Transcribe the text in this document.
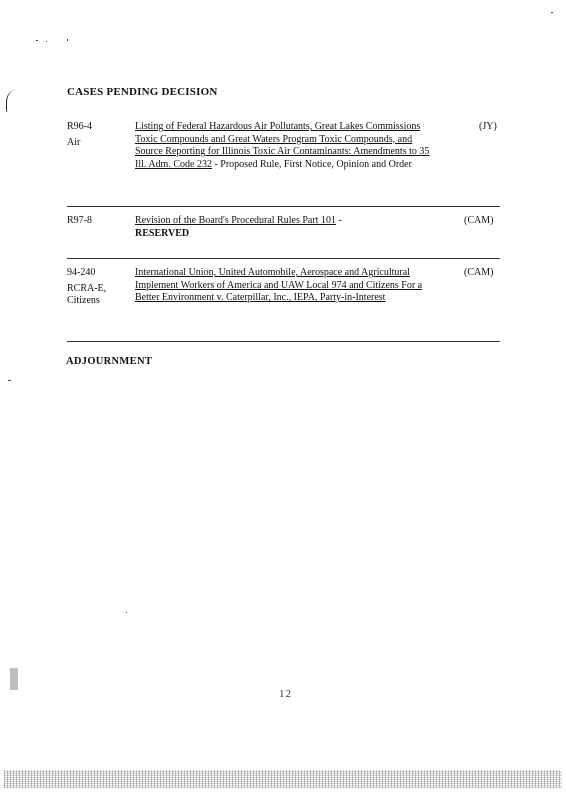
CASES PENDING DECISION
R96-4
Air
Listing of Federal Hazardous Air Pollutants, Great Lakes Commissions Toxic Compounds and Great Waters Program Toxic Compounds, and Source Reporting for Illinois Toxic Air Contaminants: Amendments to 35 Ill. Adm. Code 232 - Proposed Rule, First Notice, Opinion and Order
(JY)
R97-8	Revision of the Board's Procedural Rules Part 101 -
RESERVED
(CAM)
94-240
RCRA-E, Citizens
International Union, United Automobile, Aerospace and Agricultural Implement Workers of America and UAW Local 974 and Citizens For a Better Environment v. Caterpillar, Inc., IEPA, Party-in-Interest
(CAM)
ADJOURNMENT
12
